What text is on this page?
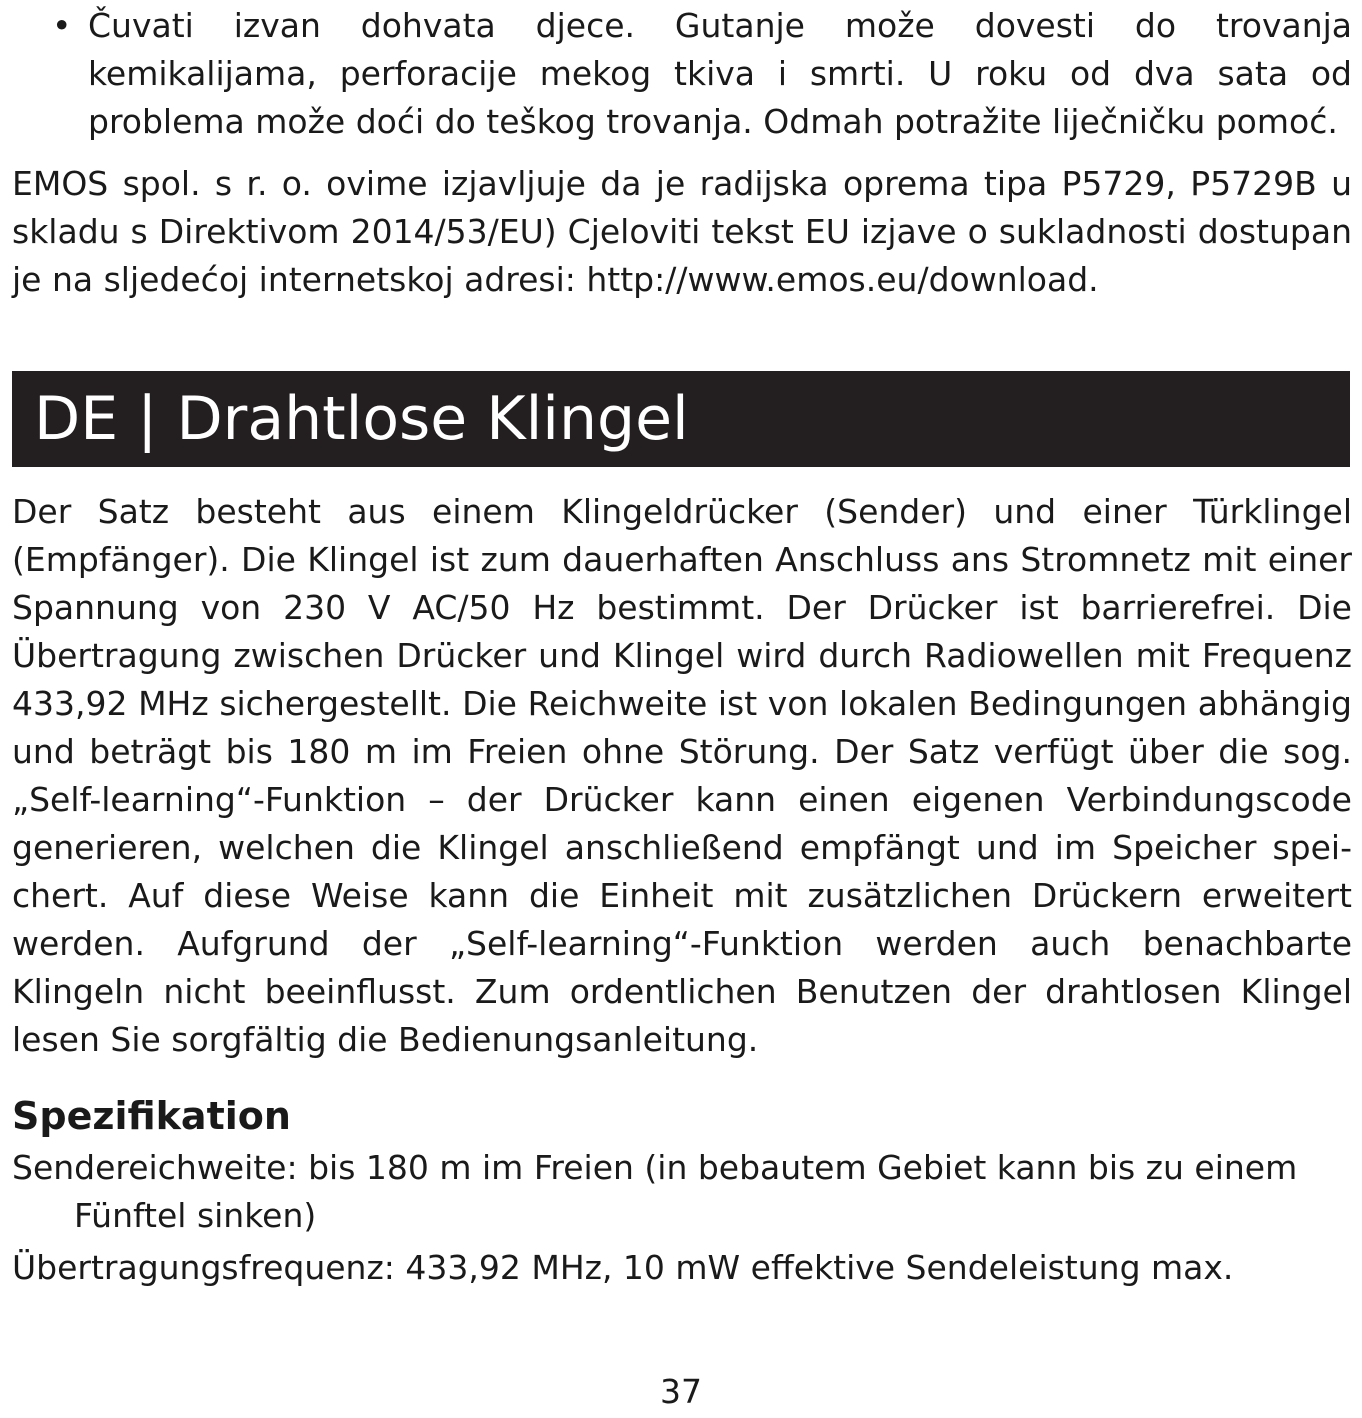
• Čuvati izvan dohvata djece. Gutanje može dovesti do trovanja kemikalijama, perforacije mekog tkiva i smrti. U roku od dva sata od problema može doći do teškog trovanja. Odmah potražite liječničku pomoć.

EMOS spol. s r. o. ovime izjavljuje da je radijska oprema tipa P5729, P5729B u skladu s Direktivom 2014/53/EU) Cjeloviti tekst EU izjave o sukladnosti dostupan je na sljedećoj internetskoj adresi: http://www.emos.eu/download.

DE | Drahtlose Klingel

Der Satz besteht aus einem Klingeldrücker (Sender) und einer Türklingel (Empfänger). Die Klingel ist zum dauerhaften Anschluss ans Stromnetz mit einer Spannung von 230 V AC/50 Hz bestimmt. Der Drücker ist barrierefrei. Die Übertragung zwischen Drücker und Klingel wird durch Radiowellen mit Frequenz 433,92 MHz sichergestellt. Die Reichweite ist von lokalen Bedingungen abhängig und beträgt bis 180 m im Freien ohne Störung. Der Satz verfügt über die sog. „Self-learning“-Funktion – der Drücker kann einen eigenen Verbindungscode generieren, welchen die Klingel anschließend empfängt und im Speicher spei-chert. Auf diese Weise kann die Einheit mit zusätzlichen Drückern erweitert werden. Aufgrund der „Self-learning“-Funktion werden auch benachbarte Klingeln nicht beeinflusst. Zum ordentlichen Benutzen der drahtlosen Klingel lesen Sie sorgfältig die Bedienungsanleitung.

Spezifikation
Sendereichweite: bis 180 m im Freien (in bebautem Gebiet kann bis zu einem Fünftel sinken)
Übertragungsfrequenz: 433,92 MHz, 10 mW effektive Sendeleistung max.
37
